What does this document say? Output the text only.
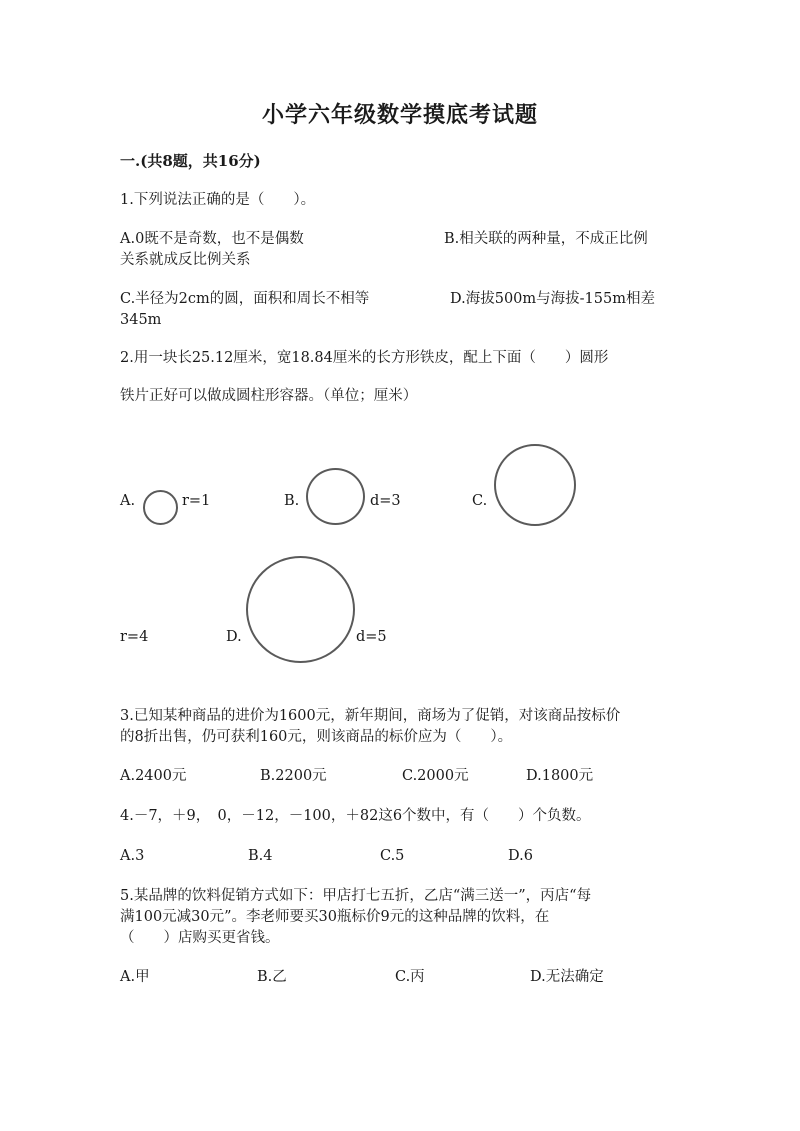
小学六年级数学摸底考试题
一.(共8题，共16分)
1.下列说法正确的是（　　）。
A.0既不是奇数，也不是偶数	B.相关联的两种量，不成正比例
关系就成反比例关系
C.半径为2cm的圆，面积和周长不相等	D.海拔500m与海拔-155m相差
345m
2.用一块长25.12厘米，宽18.84厘米的长方形铁皮，配上下面（　　）圆形
铁片正好可以做成圆柱形容器。（单位；厘米）
A.	r=1	B.	d=3	C.
r=4	D.	d=5
3.已知某种商品的进价为1600元，新年期间，商场为了促销，对该商品按标价
的8折出售，仍可获利160元，则该商品的标价应为（　　）。
A.2400元	B.2200元	C.2000元	D.1800元
4.－7，＋9，　0，－12，－100，＋82这6个数中，有（　　）个负数。
A.3	B.4	C.5	D.6
5.某品牌的饮料促销方式如下：甲店打七五折，乙店“满三送一”，丙店“每
满100元减30元”。李老师要买30瓶标价9元的这种品牌的饮料，在
（　　）店购买更省钱。
A.甲	B.乙	C.丙	D.无法确定
